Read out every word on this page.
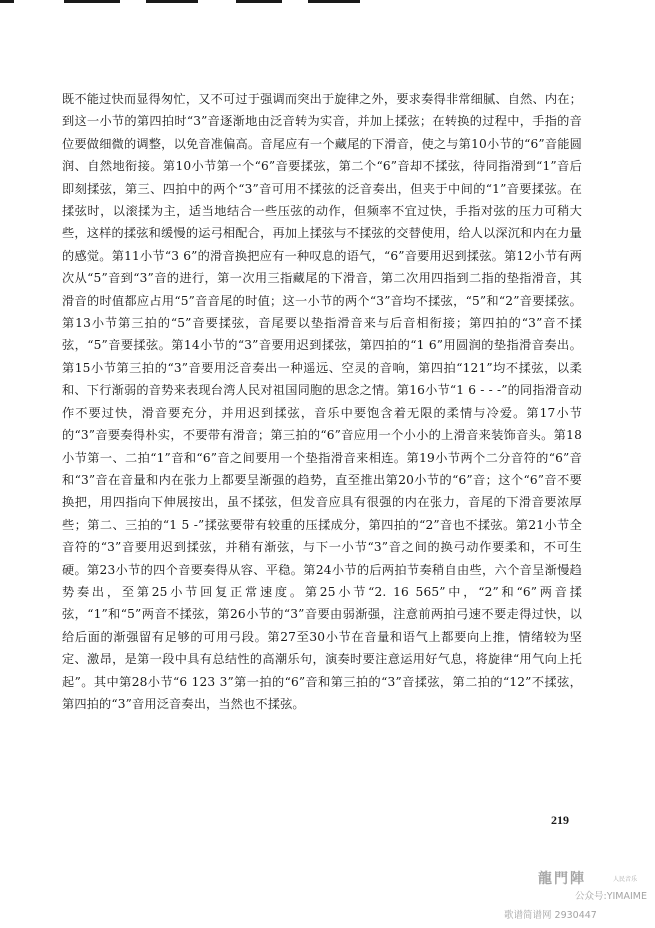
既不能过快而显得匆忙，又不可过于强调而突出于旋律之外，要求奏得非常细腻、自然、内在；到这一小节的第四拍时“3”音逐渐地由泛音转为实音，并加上揉弦；在转换的过程中，手指的音位要做细微的调整，以免音准偏高。音尾应有一个藏尾的下滑音，使之与第10小节的“6”音能圆润、自然地衔接。第10小节第一个“6”音要揉弦，第二个“6”音却不揉弦，待同指滑到“1”音后即刻揉弦，第三、四拍中的两个“3”音可用不揉弦的泛音奏出，但夹于中间的“1”音要揉弦。在揉弦时，以滚揉为主，适当地结合一些压弦的动作，但频率不宜过快，手指对弦的压力可稍大些，这样的揉弦和缓慢的运弓相配合，再加上揉弦与不揉弦的交替使用，给人以深沉和内在力量的感觉。第11小节“3 6”的滑音换把应有一种叹息的语气，“6”音要用迟到揉弦。第12小节有两次从“5”音到“3”音的进行，第一次用三指藏尾的下滑音，第二次用四指到二指的垫指滑音，其滑音的时值都应占用“5”音音尾的时值；这一小节的两个“3”音均不揉弦，“5”和“2”音要揉弦。第13小节第三拍的“5”音要揉弦，音尾要以垫指滑音来与后音相衔接；第四拍的“3”音不揉弦，“5”音要揉弦。第14小节的“3”音要用迟到揉弦，第四拍的“1 6”用圆润的垫指滑音奏出。第15小节第三拍的“3”音要用泛音奏出一种遥远、空灵的音响，第四拍“121”均不揉弦，以柔和、下行渐弱的音势来表现台湾人民对祖国同胞的思念之情。第16小节“1 6 - - -”的同指滑音动作不要过快，滑音要充分，并用迟到揉弦，音乐中要饱含着无限的柔情与冷爱。第17小节的“3”音要奏得朴实，不要带有滑音；第三拍的“6”音应用一个小小的上滑音来装饰音头。第18小节第一、二拍“1”音和“6”音之间要用一个垫指滑音来相连。第19小节两个二分音符的“6”音和“3”音在音量和内在张力上都要呈渐强的趋势，直至推出第20小节的“6”音；这个“6”音不要换把，用四指向下伸展按出，虽不揉弦，但发音应具有很强的内在张力，音尾的下滑音要浓厚些；第二、三拍的“1 5 -”揉弦要带有较重的压揉成分，第四拍的“2”音也不揉弦。第21小节全音符的“3”音要用迟到揉弦，并稍有渐弦，与下一小节“3”音之间的换弓动作要柔和，不可生硬。第23小节的四个音要奏得从容、平稳。第24小节的后两拍节奏稍自由些，六个音呈渐慢趋势奏出，至第25小节回复正常速度。第25小节“2. 16 565”中，“2”和“6”两音揉弦，“1”和“5”两音不揉弦，第26小节的“3”音要由弱渐强，注意前两拍弓速不要走得过快，以给后面的渐强留有足够的可用弓段。第27至30小节在音量和语气上都要向上推，情绪较为坚定、激昂，是第一段中具有总结性的高潮乐句，演奏时要注意运用好气息，将旋律“用气向上托起”。其中第28小节“6 123 3”第一拍的“6”音和第三拍的“3”音揉弦，第二拍的“12”不揉弦，第四拍的“3”音用泛音奏出，当然也不揉弦。

219
龍門陣	人民音乐
公众号:YIMAIME
歌谱简谱网 2930447
